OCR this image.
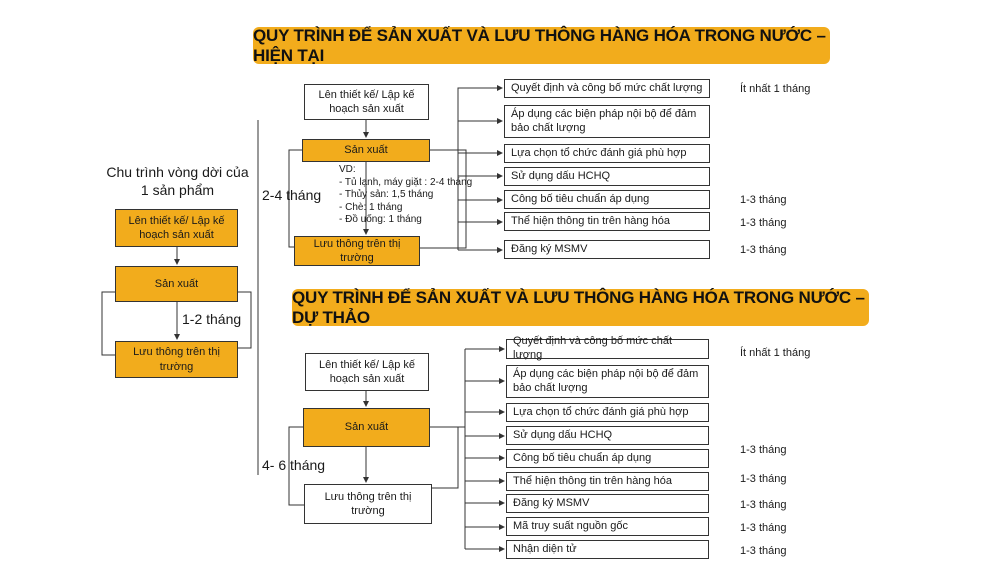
QUY TRÌNH ĐỂ SẢN XUẤT VÀ LƯU THÔNG HÀNG HÓA TRONG NƯỚC –HIỆN TẠI
Lên thiết kế/ Lập kế hoạch sản xuất
Sản xuất
Lưu thông trên thị trường
2-4 tháng
VD:
- Tủ lạnh, máy giặt : 2-4 tháng
- Thủy sản: 1,5 tháng
- Chè: 1 tháng
- Đồ uống: 1 tháng
Quyết định và công bố mức chất lượng
Áp dụng các biện pháp nội bộ để đảm bảo chất lượng
Lựa chọn tổ chức đánh giá phù hợp
Sử dụng dấu HCHQ
Công bố tiêu chuẩn áp dụng
Thể hiện thông tin trên hàng hóa
Đăng ký MSMV
Ít nhất 1 tháng
1-3 tháng
1-3 tháng
1-3 tháng
Chu trình vòng dời của 1 sản phẩm
Lên thiết kế/ Lập kế hoạch sản xuất
Sản xuất
Lưu thông trên thị trường
1-2 tháng
QUY TRÌNH ĐỂ SẢN XUẤT VÀ LƯU THÔNG HÀNG HÓA TRONG NƯỚC –DỰ THẢO
Lên thiết kế/ Lập kế hoạch sản xuất
Sản xuất
Lưu thông trên thị trường
4- 6 tháng
Quyết định và công bố mức chất lượng
Áp dụng các biện pháp nội bộ để đảm bảo chất lượng
Lựa chọn tổ chức đánh giá phù hợp
Sử dụng dấu HCHQ
Công bố tiêu chuẩn áp dụng
Thể hiện thông tin trên hàng hóa
Đăng ký MSMV
Mã truy suất nguồn gốc
Nhận diện tử
Ít nhất 1 tháng
1-3 tháng
1-3 tháng
1-3 tháng
1-3 tháng
1-3 tháng
